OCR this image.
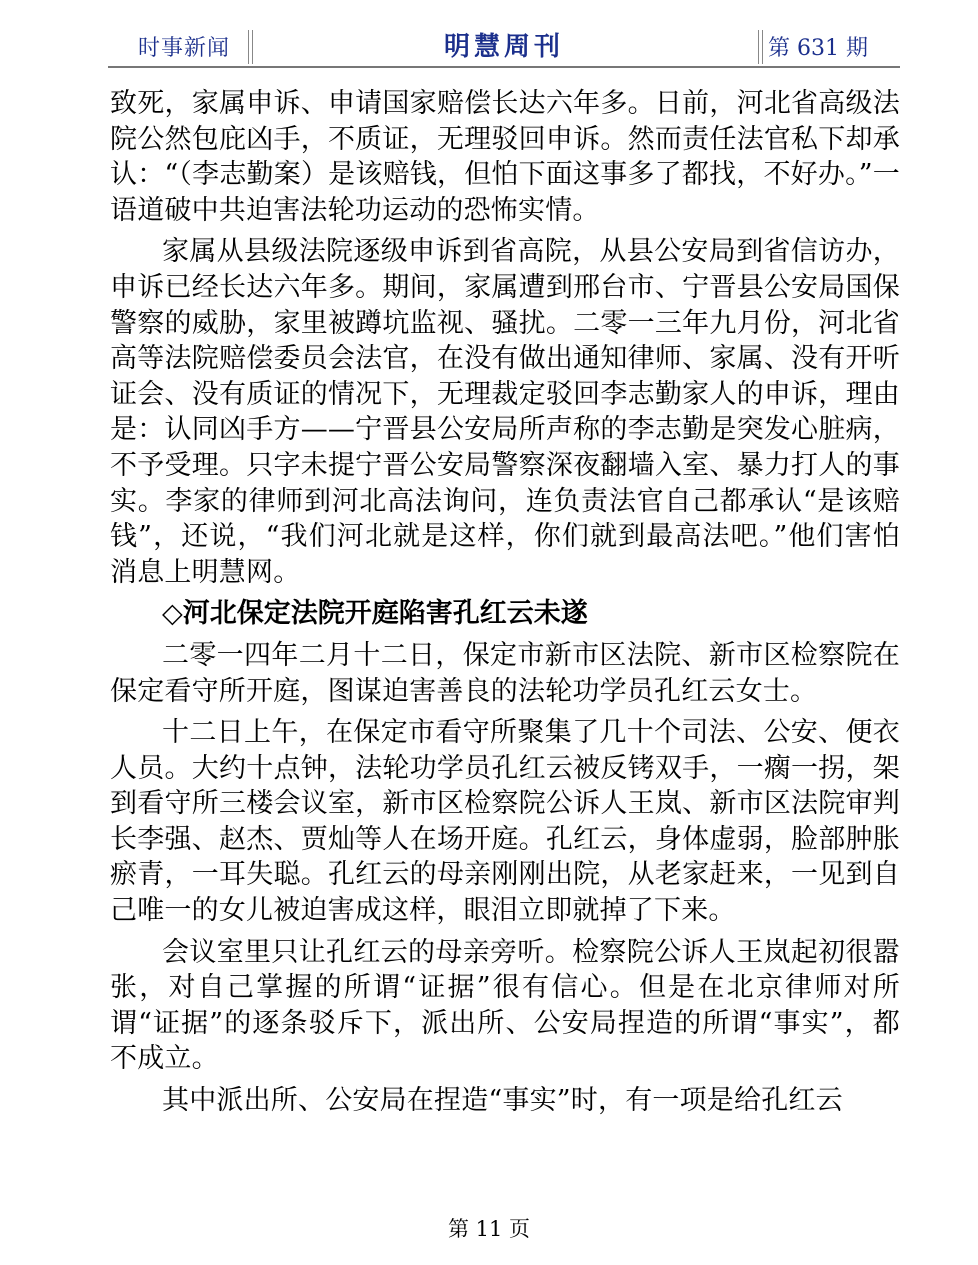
时事新闻	明慧周刊	第 631 期

致死，家属申诉、申请国家赔偿长达六年多。日前，河北省高级法院公然包庇凶手，不质证，无理驳回申诉。然而责任法官私下却承认：“（李志勤案）是该赔钱，但怕下面这事多了都找，不好办。”一语道破中共迫害法轮功运动的恐怖实情。

家属从县级法院逐级申诉到省高院，从县公安局到省信访办，申诉已经长达六年多。期间，家属遭到邢台市、宁晋县公安局国保警察的威胁，家里被蹲坑监视、骚扰。二零一三年九月份，河北省高等法院赔偿委员会法官，在没有做出通知律师、家属、没有开听证会、没有质证的情况下，无理裁定驳回李志勤家人的申诉，理由是：认同凶手方——宁晋县公安局所声称的李志勤是突发心脏病，不予受理。只字未提宁晋公安局警察深夜翻墙入室、暴力打人的事实。李家的律师到河北高法询问，连负责法官自己都承认“是该赔钱”，还说，“我们河北就是这样，你们就到最高法吧。”他们害怕消息上明慧网。

◇河北保定法院开庭陷害孔红云未遂

二零一四年二月十二日，保定市新市区法院、新市区检察院在保定看守所开庭，图谋迫害善良的法轮功学员孔红云女士。

十二日上午，在保定市看守所聚集了几十个司法、公安、便衣人员。大约十点钟，法轮功学员孔红云被反铐双手，一瘸一拐，架到看守所三楼会议室，新市区检察院公诉人王岚、新市区法院审判长李强、赵杰、贾灿等人在场开庭。孔红云，身体虚弱，脸部肿胀瘀青，一耳失聪。孔红云的母亲刚刚出院，从老家赶来，一见到自己唯一的女儿被迫害成这样，眼泪立即就掉了下来。

会议室里只让孔红云的母亲旁听。检察院公诉人王岚起初很嚣张，对自己掌握的所谓“证据”很有信心。但是在北京律师对所谓“证据”的逐条驳斥下，派出所、公安局捏造的所谓“事实”，都不成立。

其中派出所、公安局在捏造“事实”时，有一项是给孔红云

第 11 页
